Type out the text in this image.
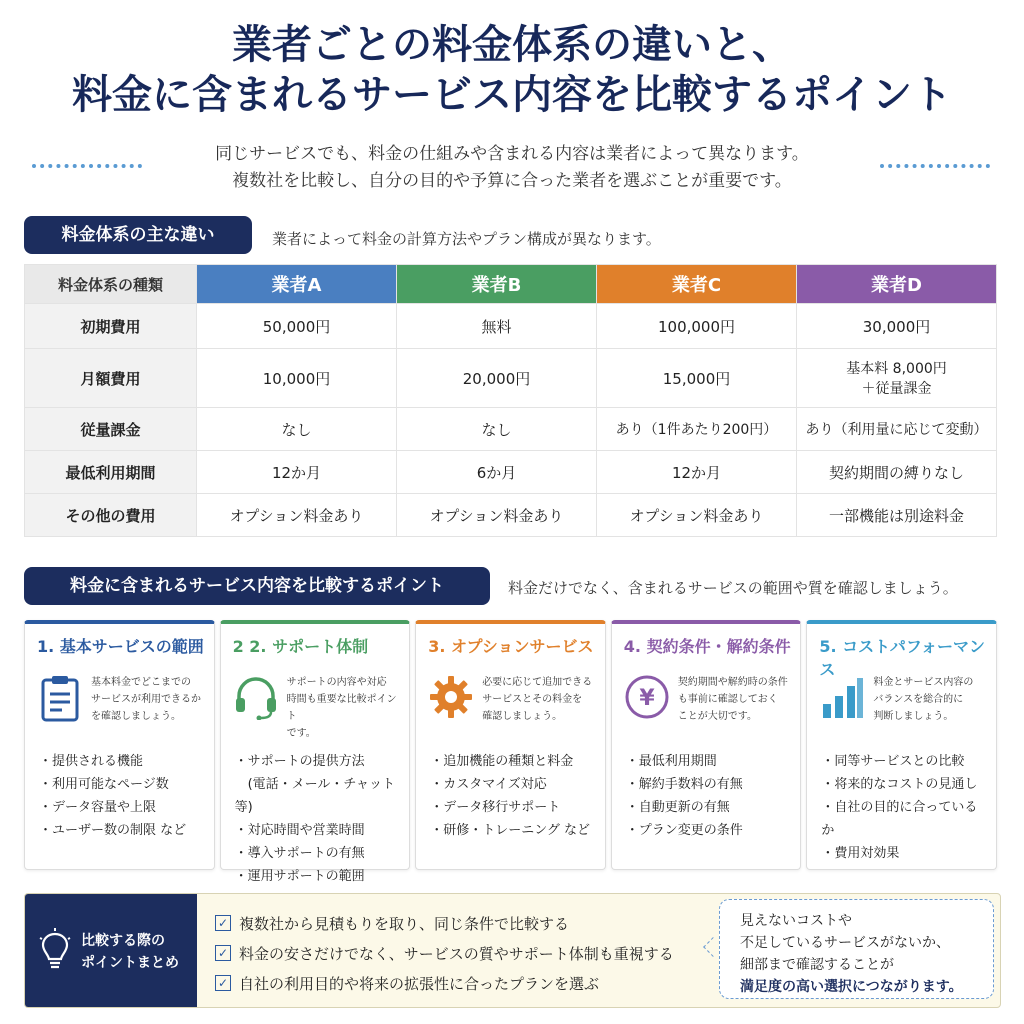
業者ごとの料金体系の違いと、
料金に含まれるサービス内容を比較するポイント
同じサービスでも、料金の仕組みや含まれる内容は業者によって異なります。
複数社を比較し、自分の目的や予算に合った業者を選ぶことが重要です。
料金体系の主な違い	業者によって料金の計算方法やプラン構成が異なります。
料金体系の種類	業者A	業者B	業者C	業者D
初期費用	50,000円	無料	100,000円	30,000円
月額費用	10,000円	20,000円	15,000円	基本料 8,000円
＋従量課金
従量課金	なし	なし	あり（1件あたり200円）	あり（利用量に応じて変動）
最低利用期間	12か月	6か月	12か月	契約期間の縛りなし
その他の費用	オプション料金あり	オプション料金あり	オプション料金あり	一部機能は別途料金
料金に含まれるサービス内容を比較するポイント	料金だけでなく、含まれるサービスの範囲や質を確認しましょう。
1. 基本サービスの範囲
基本料金でどこまでの
サービスが利用できるか
を確認しましょう。
・提供される機能
・利用可能なページ数
・データ容量や上限
・ユーザー数の制限 など
2 2. サポート体制
サポートの内容や対応
時間も重要な比較ポイント
です。
・サポートの提供方法
　(電話・メール・チャット等)
・対応時間や営業時間
・導入サポートの有無
・運用サポートの範囲
3. オプションサービス
必要に応じて追加できる
サービスとその料金を
確認しましょう。
・追加機能の種類と料金
・カスタマイズ対応
・データ移行サポート
・研修・トレーニング など
4. 契約条件・解約条件
¥
契約期間や解約時の条件
も事前に確認しておく
ことが大切です。
・最低利用期間
・解約手数料の有無
・自動更新の有無
・プラン変更の条件
5. コストパフォーマンス
料金とサービス内容の
バランスを総合的に
判断しましょう。
・同等サービスとの比較
・将来的なコストの見通し
・自社の目的に合っているか
・費用対効果
比較する際の
ポイントまとめ
✓ 複数社から見積もりを取り、同じ条件で比較する
✓ 料金の安さだけでなく、サービスの質やサポート体制も重視する
✓ 自社の利用目的や将来の拡張性に合ったプランを選ぶ
見えないコストや
不足しているサービスがないか、
細部まで確認することが
満足度の高い選択につながります。
